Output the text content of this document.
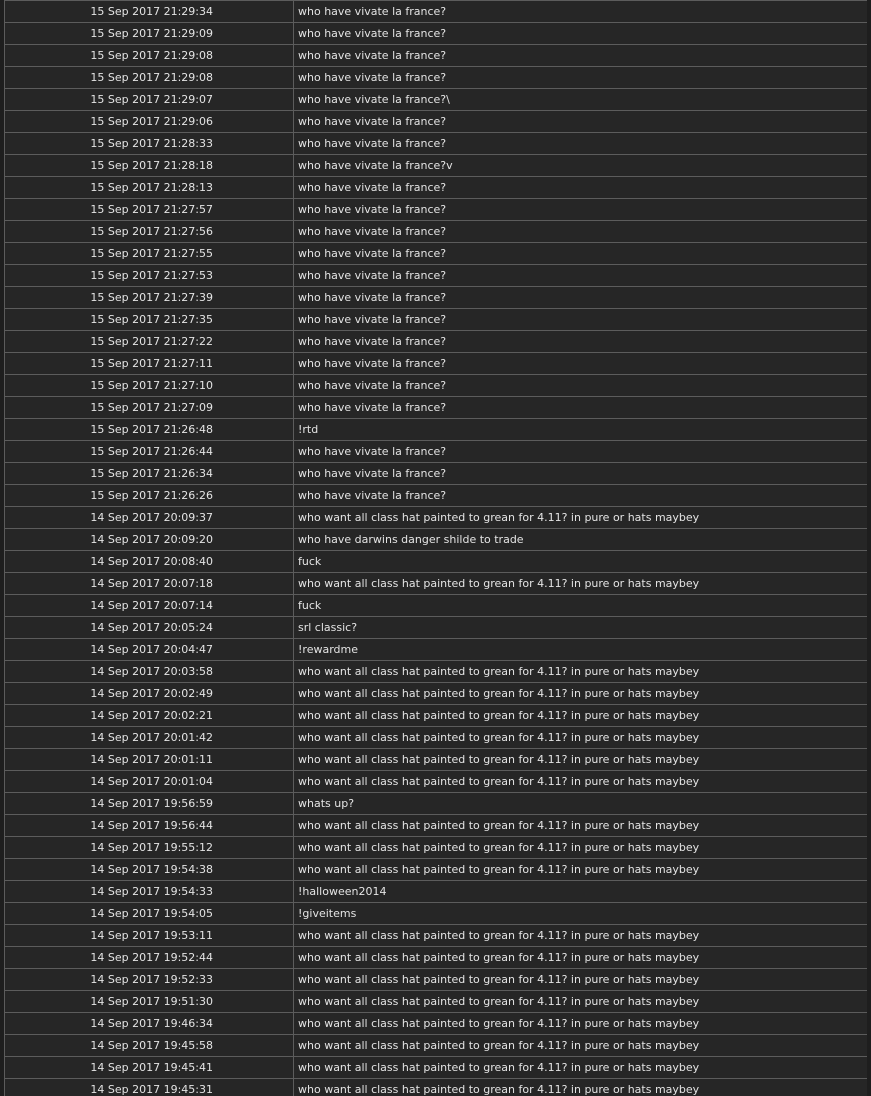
15 Sep 2017 21:29:34	who have vivate la france?
15 Sep 2017 21:29:09	who have vivate la france?
15 Sep 2017 21:29:08	who have vivate la france?
15 Sep 2017 21:29:08	who have vivate la france?
15 Sep 2017 21:29:07	who have vivate la france?\
15 Sep 2017 21:29:06	who have vivate la france?
15 Sep 2017 21:28:33	who have vivate la france?
15 Sep 2017 21:28:18	who have vivate la france?v
15 Sep 2017 21:28:13	who have vivate la france?
15 Sep 2017 21:27:57	who have vivate la france?
15 Sep 2017 21:27:56	who have vivate la france?
15 Sep 2017 21:27:55	who have vivate la france?
15 Sep 2017 21:27:53	who have vivate la france?
15 Sep 2017 21:27:39	who have vivate la france?
15 Sep 2017 21:27:35	who have vivate la france?
15 Sep 2017 21:27:22	who have vivate la france?
15 Sep 2017 21:27:11	who have vivate la france?
15 Sep 2017 21:27:10	who have vivate la france?
15 Sep 2017 21:27:09	who have vivate la france?
15 Sep 2017 21:26:48	!rtd
15 Sep 2017 21:26:44	who have vivate la france?
15 Sep 2017 21:26:34	who have vivate la france?
15 Sep 2017 21:26:26	who have vivate la france?
14 Sep 2017 20:09:37	who want all class hat painted to grean for 4.11? in pure or hats maybey
14 Sep 2017 20:09:20	who have darwins danger shilde to trade
14 Sep 2017 20:08:40	fuck
14 Sep 2017 20:07:18	who want all class hat painted to grean for 4.11? in pure or hats maybey
14 Sep 2017 20:07:14	fuck
14 Sep 2017 20:05:24	srl classic?
14 Sep 2017 20:04:47	!rewardme
14 Sep 2017 20:03:58	who want all class hat painted to grean for 4.11? in pure or hats maybey
14 Sep 2017 20:02:49	who want all class hat painted to grean for 4.11? in pure or hats maybey
14 Sep 2017 20:02:21	who want all class hat painted to grean for 4.11? in pure or hats maybey
14 Sep 2017 20:01:42	who want all class hat painted to grean for 4.11? in pure or hats maybey
14 Sep 2017 20:01:11	who want all class hat painted to grean for 4.11? in pure or hats maybey
14 Sep 2017 20:01:04	who want all class hat painted to grean for 4.11? in pure or hats maybey
14 Sep 2017 19:56:59	whats up?
14 Sep 2017 19:56:44	who want all class hat painted to grean for 4.11? in pure or hats maybey
14 Sep 2017 19:55:12	who want all class hat painted to grean for 4.11? in pure or hats maybey
14 Sep 2017 19:54:38	who want all class hat painted to grean for 4.11? in pure or hats maybey
14 Sep 2017 19:54:33	!halloween2014
14 Sep 2017 19:54:05	!giveitems
14 Sep 2017 19:53:11	who want all class hat painted to grean for 4.11? in pure or hats maybey
14 Sep 2017 19:52:44	who want all class hat painted to grean for 4.11? in pure or hats maybey
14 Sep 2017 19:52:33	who want all class hat painted to grean for 4.11? in pure or hats maybey
14 Sep 2017 19:51:30	who want all class hat painted to grean for 4.11? in pure or hats maybey
14 Sep 2017 19:46:34	who want all class hat painted to grean for 4.11? in pure or hats maybey
14 Sep 2017 19:45:58	who want all class hat painted to grean for 4.11? in pure or hats maybey
14 Sep 2017 19:45:41	who want all class hat painted to grean for 4.11? in pure or hats maybey
14 Sep 2017 19:45:31	who want all class hat painted to grean for 4.11? in pure or hats maybey
